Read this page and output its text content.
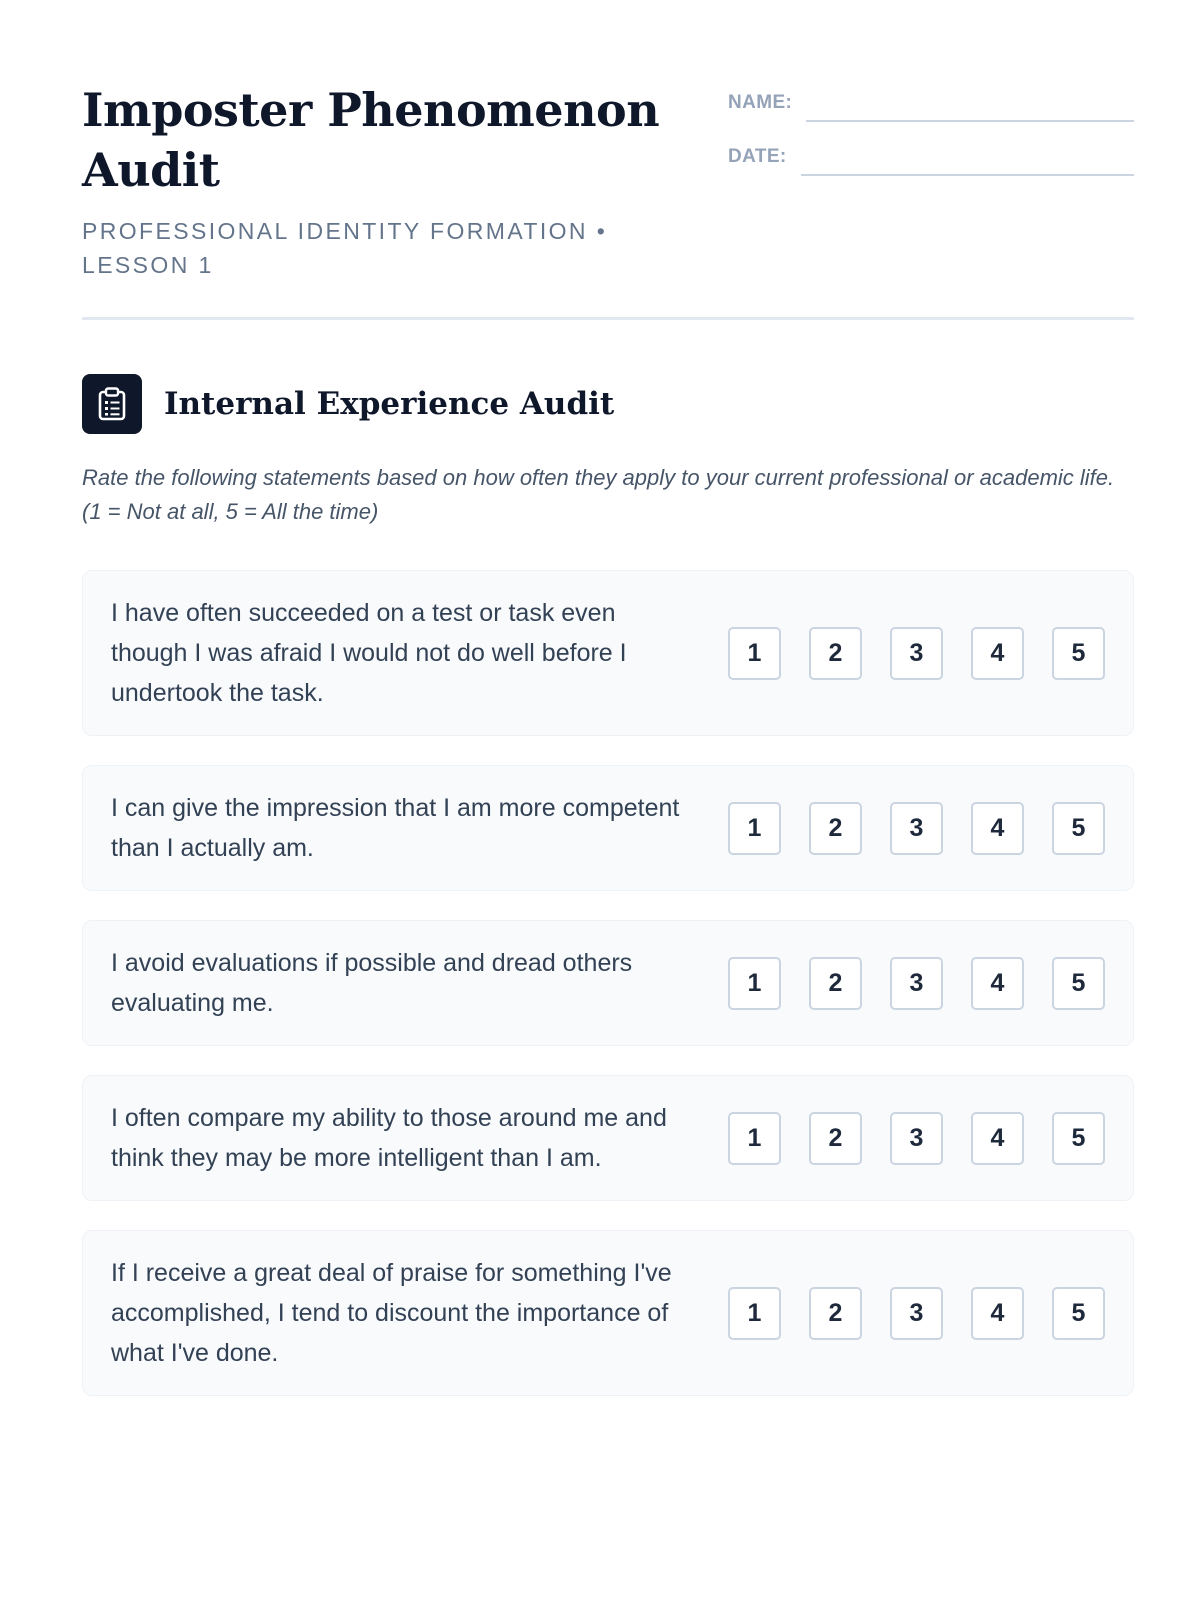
Imposter Phenomenon Audit
PROFESSIONAL IDENTITY FORMATION • LESSON 1
NAME:
DATE:
Internal Experience Audit
Rate the following statements based on how often they apply to your current professional or academic life. (1 = Not at all, 5 = All the time)
I have often succeeded on a test or task even though I was afraid I would not do well before I undertook the task.
1	2	3	4	5
I can give the impression that I am more competent than I actually am.
1	2	3	4	5
I avoid evaluations if possible and dread others evaluating me.
1	2	3	4	5
I often compare my ability to those around me and think they may be more intelligent than I am.
1	2	3	4	5
If I receive a great deal of praise for something I've accomplished, I tend to discount the importance of what I've done.
1	2	3	4	5
